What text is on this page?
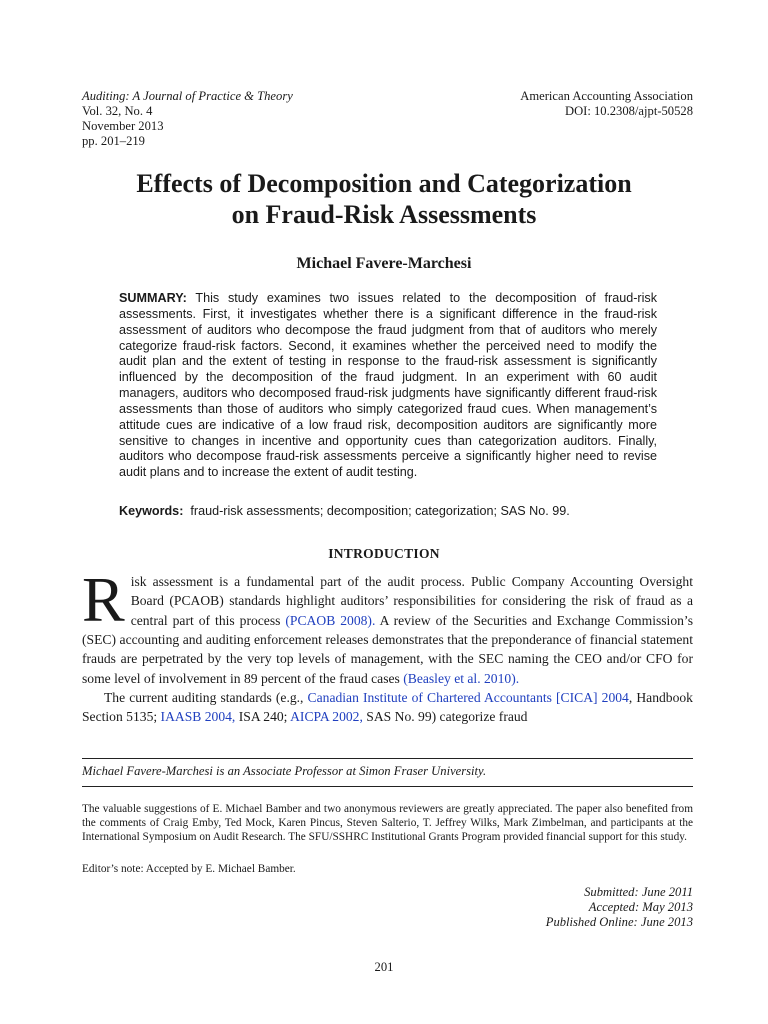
Auditing: A Journal of Practice & Theory
Vol. 32, No. 4
November 2013
pp. 201–219
American Accounting Association
DOI: 10.2308/ajpt-50528
Effects of Decomposition and Categorization
on Fraud-Risk Assessments
Michael Favere-Marchesi

SUMMARY: This study examines two issues related to the decomposition of fraud-risk assessments. First, it investigates whether there is a significant difference in the fraud-risk assessment of auditors who decompose the fraud judgment from that of auditors who merely categorize fraud-risk factors. Second, it examines whether the perceived need to modify the audit plan and the extent of testing in response to the fraud-risk assessment is significantly influenced by the decomposition of the fraud judgment. In an experiment with 60 audit managers, auditors who decomposed fraud-risk judgments have significantly different fraud-risk assessments than those of auditors who simply categorized fraud cues. When management’s attitude cues are indicative of a low fraud risk, decomposition auditors are significantly more sensitive to changes in incentive and opportunity cues than categorization auditors. Finally, auditors who decompose fraud-risk assessments perceive a significantly higher need to revise audit plans and to increase the extent of audit testing.

Keywords: fraud-risk assessments; decomposition; categorization; SAS No. 99.
INTRODUCTION

Risk assessment is a fundamental part of the audit process. Public Company Accounting Oversight Board (PCAOB) standards highlight auditors’ responsibilities for considering the risk of fraud as a central part of this process (PCAOB 2008). A review of the Securities and Exchange Commission’s (SEC) accounting and auditing enforcement releases demonstrates that the preponderance of financial statement frauds are perpetrated by the very top levels of management, with the SEC naming the CEO and/or CFO for some level of involvement in 89 percent of the fraud cases (Beasley et al. 2010).

The current auditing standards (e.g., Canadian Institute of Chartered Accountants [CICA] 2004, Handbook Section 5135; IAASB 2004, ISA 240; AICPA 2002, SAS No. 99) categorize fraud

Michael Favere-Marchesi is an Associate Professor at Simon Fraser University.

The valuable suggestions of E. Michael Bamber and two anonymous reviewers are greatly appreciated. The paper also benefited from the comments of Craig Emby, Ted Mock, Karen Pincus, Steven Salterio, T. Jeffrey Wilks, Mark Zimbelman, and participants at the International Symposium on Audit Research. The SFU/SSHRC Institutional Grants Program provided financial support for this study.

Editor’s note: Accepted by E. Michael Bamber.
Submitted: June 2011
Accepted: May 2013
Published Online: June 2013
201
